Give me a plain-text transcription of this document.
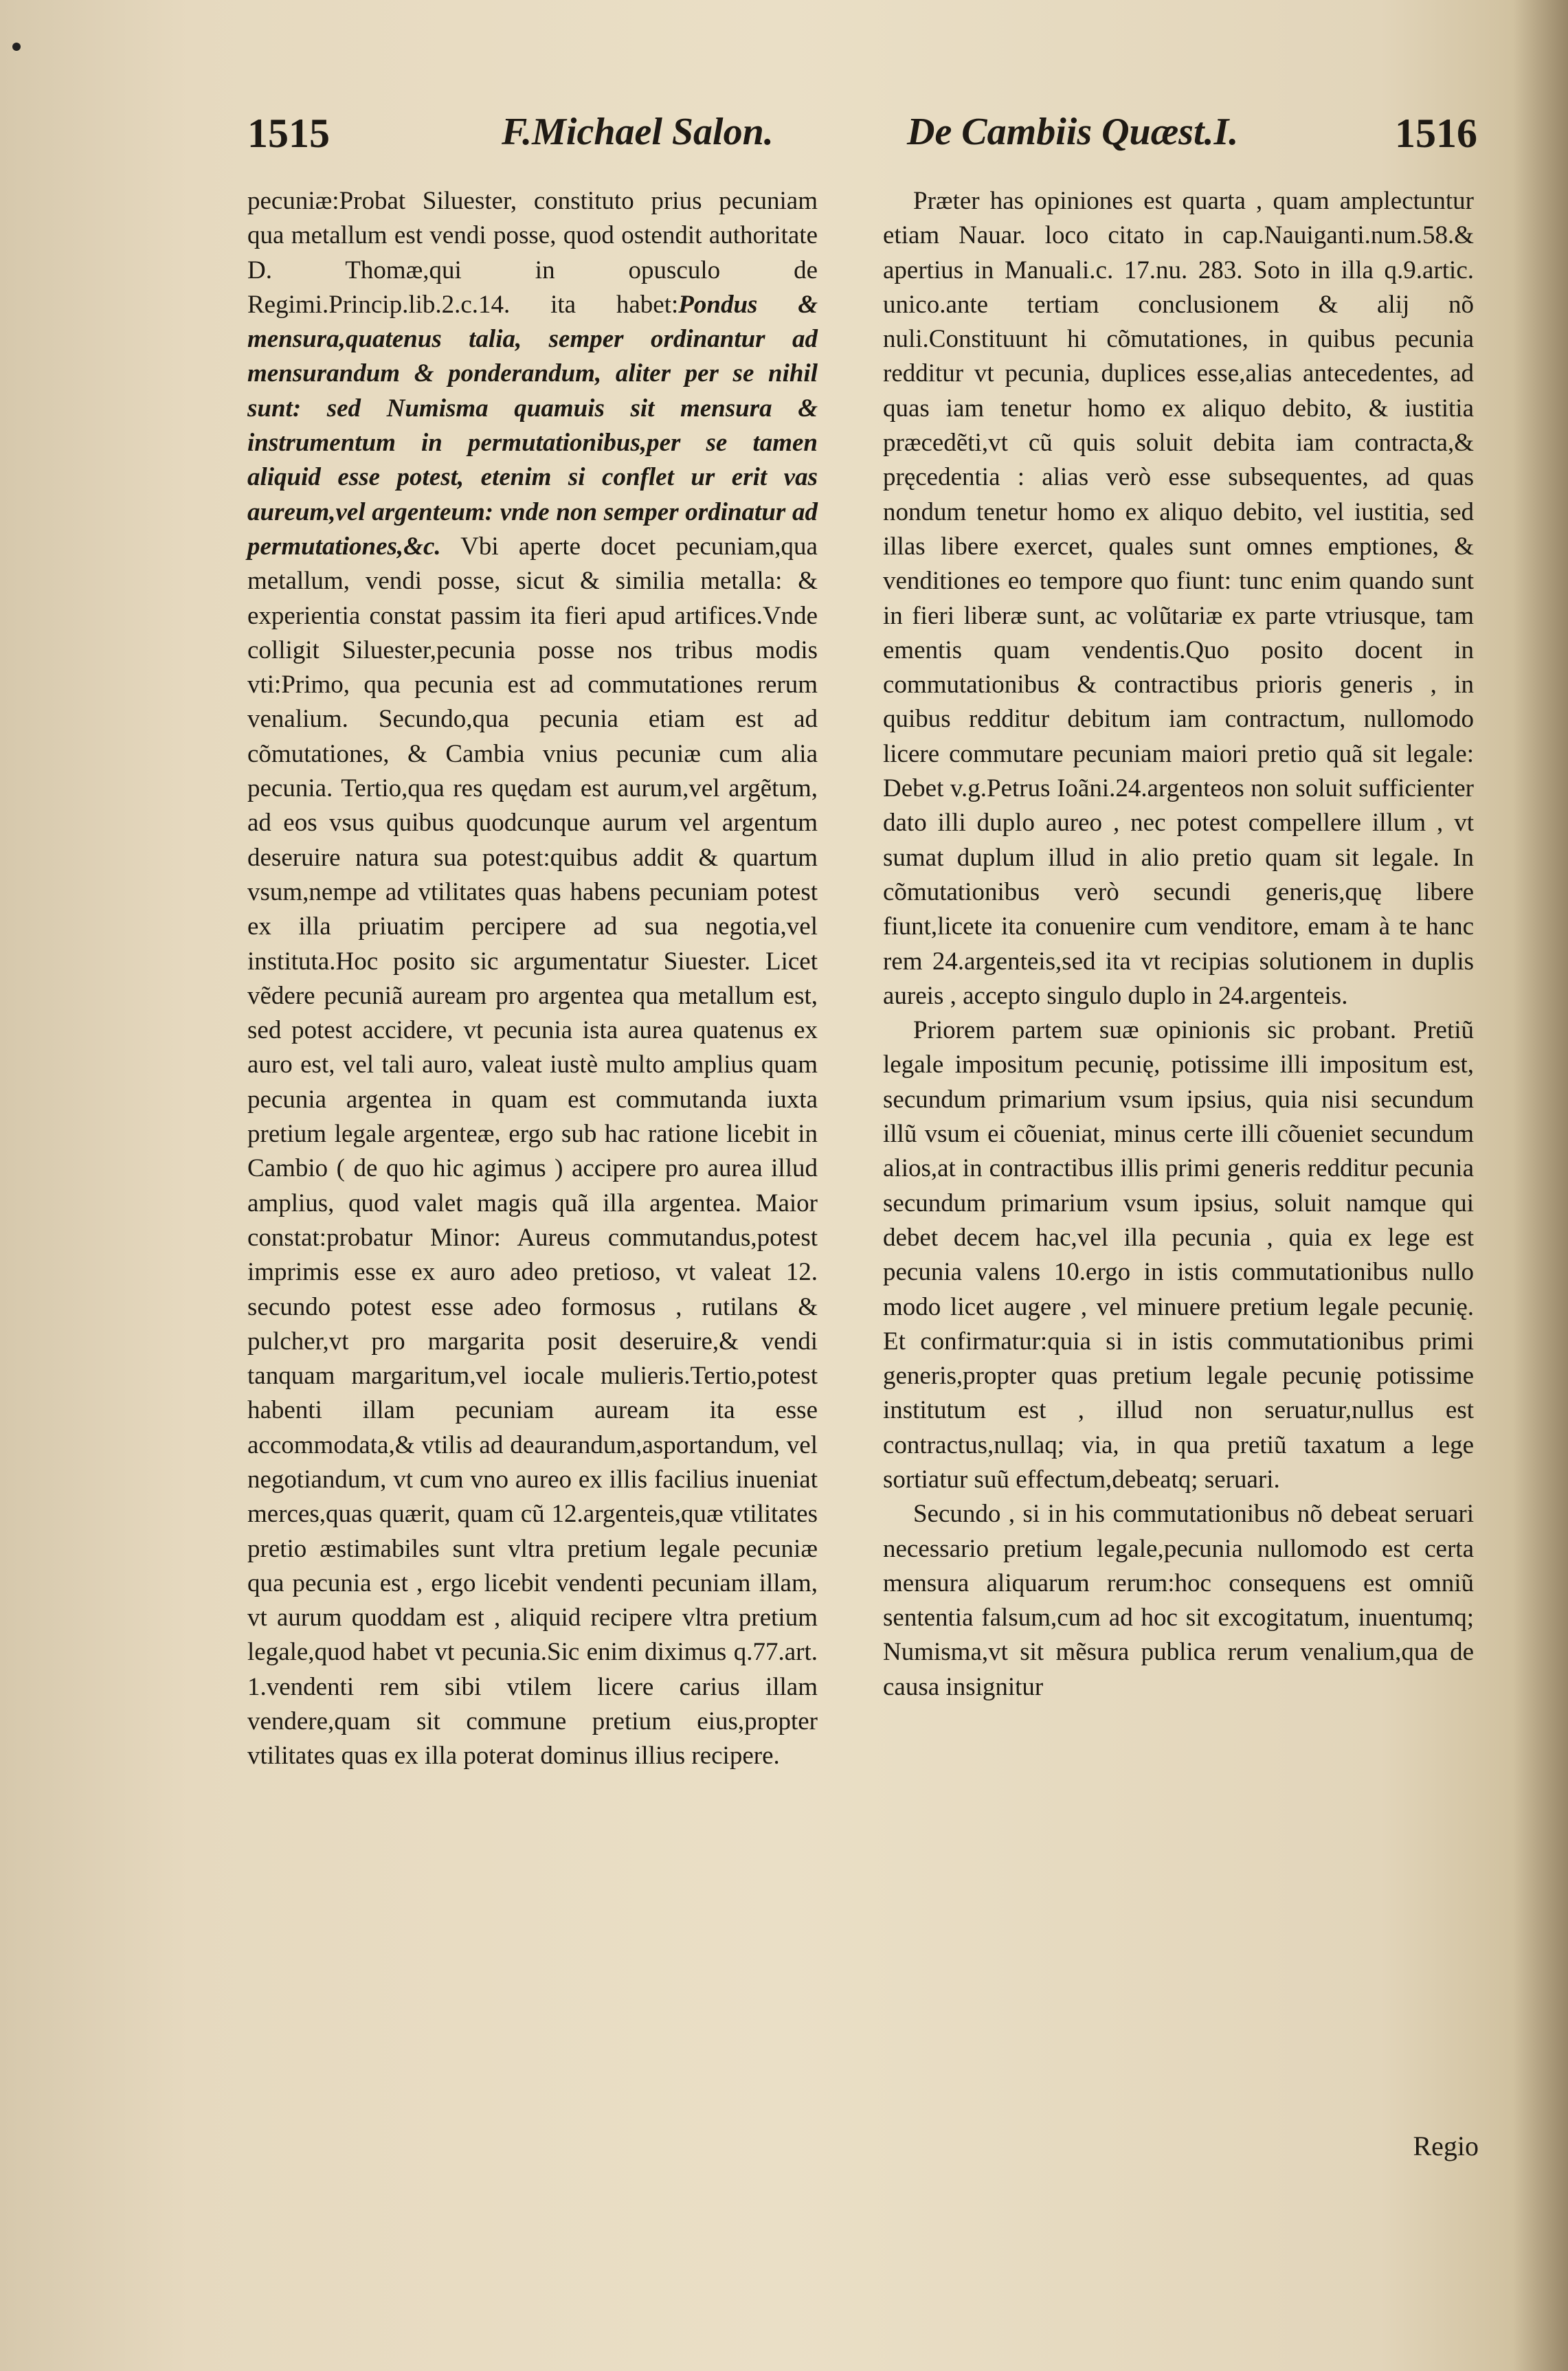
1515	F.Michael Salon.	De Cambiis Quæst.I.	1516

pecuniæ:Probat Siluester, constituto prius pecuniam qua metallum est vendi posse, quod ostendit authoritate D. Thomæ,qui in opusculo de Regimi.Princip.lib.2.c.14. ita habet:Pondus & mensura,quatenus talia, semper ordinantur ad mensurandum & ponderandum, aliter per se nihil sunt: sed Numisma quamuis sit mensura & instrumentum in permutationibus,per se tamen aliquid esse potest, etenim si conflet ur erit vas aureum,vel argenteum: vnde non semper ordinatur ad permutationes,&c. Vbi aperte docet pecuniam,qua metallum, vendi posse, sicut & similia metalla: & experientia constat passim ita fieri apud artifices.Vnde colligit Siluester,pecunia posse nos tribus modis vti:Primo, qua pecunia est ad commutationes rerum venalium. Secundo,qua pecunia etiam est ad cõmutationes, & Cambia vnius pecuniæ cum alia pecunia. Tertio,qua res quędam est aurum,vel argẽtum, ad eos vsus quibus quodcunque aurum vel argentum deseruire natura sua potest:quibus addit & quartum vsum,nempe ad vtilitates quas habens pecuniam potest ex illa priuatim percipere ad sua negotia,vel instituta.Hoc posito sic argumentatur Siuester. Licet vẽdere pecuniã auream pro argentea qua metallum est, sed potest accidere, vt pecunia ista aurea quatenus ex auro est, vel tali auro, valeat iustè multo amplius quam pecunia argentea in quam est commutanda iuxta pretium legale argenteæ, ergo sub hac ratione licebit in Cambio ( de quo hic agimus ) accipere pro aurea illud amplius, quod valet magis quã illa argentea. Maior constat:probatur Minor: Aureus commutandus,potest imprimis esse ex auro adeo pretioso, vt valeat 12. secundo potest esse adeo formosus , rutilans & pulcher,vt pro margarita posit deseruire,& vendi tanquam margaritum,vel iocale mulieris.Tertio,potest habenti illam pecuniam auream ita esse accommodata,& vtilis ad deaurandum,asportandum, vel negotiandum, vt cum vno aureo ex illis facilius inueniat merces,quas quærit, quam cũ 12.argenteis,quæ vtilitates pretio æstimabiles sunt vltra pretium legale pecuniæ qua pecunia est , ergo licebit vendenti pecuniam illam, vt aurum quoddam est , aliquid recipere vltra pretium legale,quod habet vt pecunia.Sic enim diximus q.77.art. 1.vendenti rem sibi vtilem licere carius illam vendere,quam sit commune pretium eius,propter vtilitates quas ex illa poterat dominus illius recipere.

Præter has opiniones est quarta , quam amplectuntur etiam Nauar. loco citato in cap.Nauiganti.num.58.& apertius in Manuali.c. 17.nu. 283. Soto in illa q.9.artic. unico.ante tertiam conclusionem & alij nõ nuli.Constituunt hi cõmutationes, in quibus pecunia redditur vt pecunia, duplices esse,alias antecedentes, ad quas iam tenetur homo ex aliquo debito, & iustitia præcedẽti,vt cũ quis soluit debita iam contracta,& pręcedentia : alias verò esse subsequentes, ad quas nondum tenetur homo ex aliquo debito, vel iustitia, sed illas libere exercet, quales sunt omnes emptiones, & venditiones eo tempore quo fiunt: tunc enim quando sunt in fieri liberæ sunt, ac volũtariæ ex parte vtriusque, tam ementis quam vendentis.Quo posito docent in commutationibus & contractibus prioris generis , in quibus redditur debitum iam contractum, nullomodo licere commutare pecuniam maiori pretio quã sit legale: Debet v.g.Petrus Ioãni.24.argenteos non soluit sufficienter dato illi duplo aureo , nec potest compellere illum , vt sumat duplum illud in alio pretio quam sit legale. In cõmutationibus verò secundi generis,quę libere fiunt,licete ita conuenire cum venditore, emam à te hanc rem 24.argenteis,sed ita vt recipias solutionem in duplis aureis , accepto singulo duplo in 24.argenteis.

Priorem partem suæ opinionis sic probant. Pretiũ legale impositum pecunię, potissime illi impositum est, secundum primarium vsum ipsius, quia nisi secundum illũ vsum ei cõueniat, minus certe illi cõueniet secundum alios,at in contractibus illis primi generis redditur pecunia secundum primarium vsum ipsius, soluit namque qui debet decem hac,vel illa pecunia , quia ex lege est pecunia valens 10.ergo in istis commutationibus nullo modo licet augere , vel minuere pretium legale pecunię. Et confirmatur:quia si in istis commutationibus primi generis,propter quas pretium legale pecunię potissime institutum est , illud non seruatur,nullus est contractus,nullaq; via, in qua pretiũ taxatum a lege sortiatur suũ effectum,debeatq; seruari.

Secundo , si in his commutationibus nõ debeat seruari necessario pretium legale,pecunia nullomodo est certa mensura aliquarum rerum:hoc consequens est omniũ sententia falsum,cum ad hoc sit excogitatum, inuentumq; Numisma,vt sit mẽsura publica rerum venalium,qua de causa insignitur

Regio
